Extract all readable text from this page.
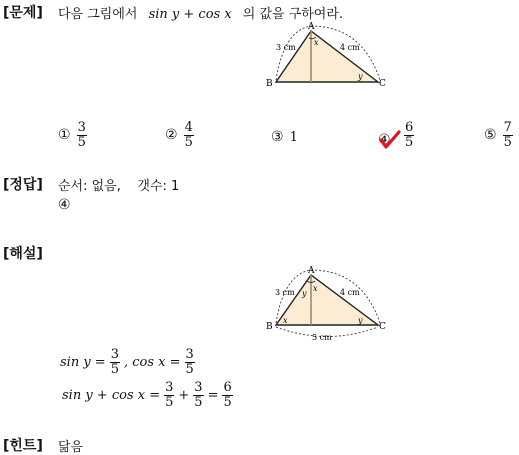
[문제] 다음 그림에서 sin y + cos x 의 값을 구하여라.
A
B	C
3 cm	4 cm
x
y
① $\frac{3}{5}$	② $\frac{4}{5}$	③ 1	④ $\frac{6}{5}$	⑤ $\frac{7}{5}$
[정답] 순서: 없음,    갯수: 1
④
[해설]
A
B	C
3 cm	4 cm
5 cm
x
y
x	y
$\sin y = \frac{3}{5}$ , $\cos x = \frac{3}{5}$
$\sin y + \cos x = \frac{3}{5} + \frac{3}{5} = \frac{6}{5}$
[힌트] 닮음
